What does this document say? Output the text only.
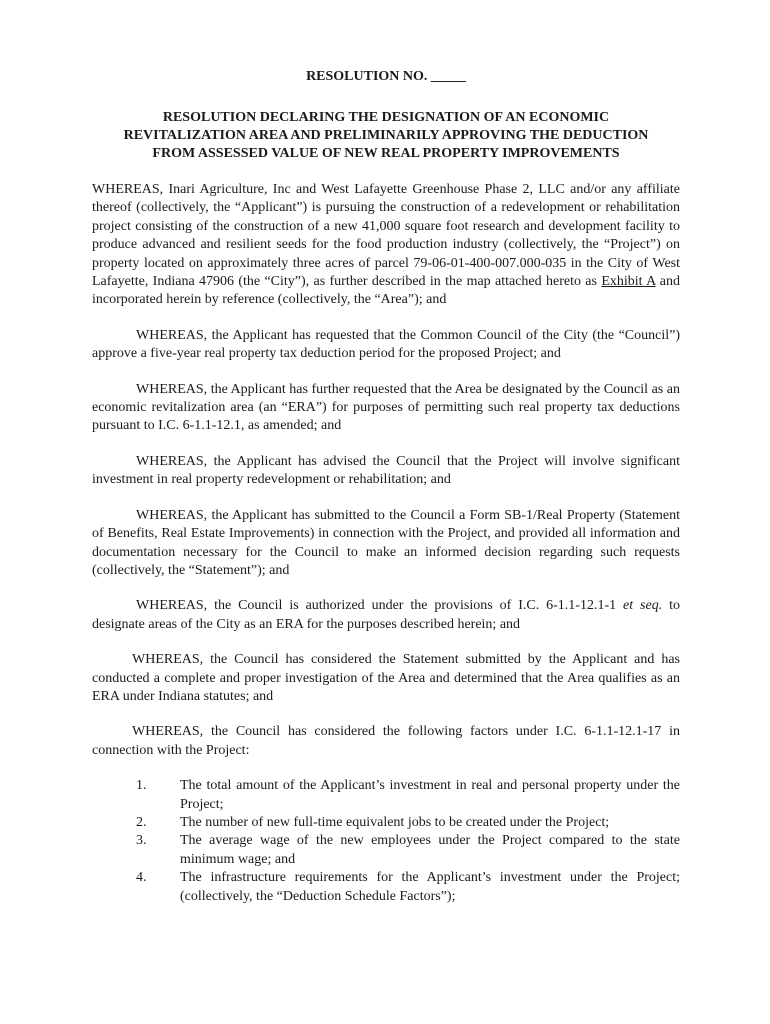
RESOLUTION NO. _____

RESOLUTION DECLARING THE DESIGNATION OF AN ECONOMIC
REVITALIZATION AREA AND PRELIMINARILY APPROVING THE DEDUCTION
FROM ASSESSED VALUE OF NEW REAL PROPERTY IMPROVEMENTS

WHEREAS, Inari Agriculture, Inc and West Lafayette Greenhouse Phase 2, LLC and/or any affiliate thereof (collectively, the “Applicant”) is pursuing the construction of a redevelopment or rehabilitation project consisting of the construction of a new 41,000 square foot research and development facility to produce advanced and resilient seeds for the food production industry (collectively, the “Project”) on property located on approximately three acres of parcel 79-06-01-400-007.000-035 in the City of West Lafayette, Indiana 47906 (the “City”), as further described in the map attached hereto as Exhibit A and incorporated herein by reference (collectively, the “Area”); and

WHEREAS, the Applicant has requested that the Common Council of the City (the “Council”) approve a five-year real property tax deduction period for the proposed Project; and

WHEREAS, the Applicant has further requested that the Area be designated by the Council as an economic revitalization area (an “ERA”) for purposes of permitting such real property tax deductions pursuant to I.C. 6-1.1-12.1, as amended; and

WHEREAS, the Applicant has advised the Council that the Project will involve significant investment in real property redevelopment or rehabilitation; and

WHEREAS, the Applicant has submitted to the Council a Form SB-1/Real Property (Statement of Benefits, Real Estate Improvements) in connection with the Project, and provided all information and documentation necessary for the Council to make an informed decision regarding such requests (collectively, the “Statement”); and

WHEREAS, the Council is authorized under the provisions of I.C. 6-1.1-12.1-1 et seq. to designate areas of the City as an ERA for the purposes described herein; and

WHEREAS, the Council has considered the Statement submitted by the Applicant and has conducted a complete and proper investigation of the Area and determined that the Area qualifies as an ERA under Indiana statutes; and

WHEREAS, the Council has considered the following factors under I.C. 6-1.1-12.1-17 in connection with the Project:

1.	The total amount of the Applicant’s investment in real and personal property under the Project;
2.	The number of new full-time equivalent jobs to be created under the Project;
3.	The average wage of the new employees under the Project compared to the state minimum wage; and
4.	The infrastructure requirements for the Applicant’s investment under the Project; (collectively, the “Deduction Schedule Factors”);
